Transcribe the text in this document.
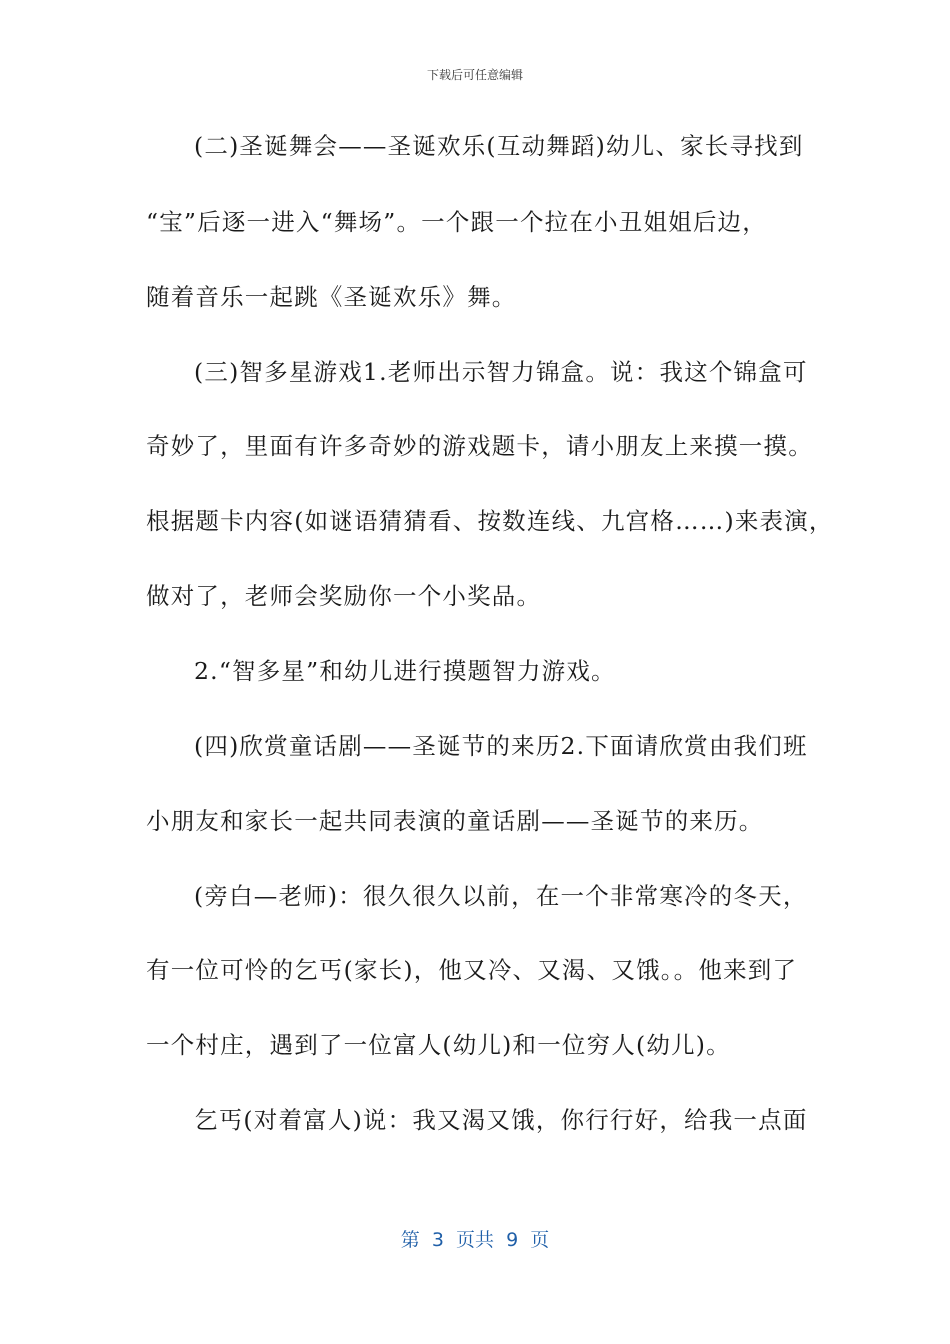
下载后可任意编辑
(二)圣诞舞会——圣诞欢乐(互动舞蹈)幼儿、家长寻找到
“宝”后逐一进入“舞场”。一个跟一个拉在小丑姐姐后边，
随着音乐一起跳《圣诞欢乐》舞。
(三)智多星游戏1.老师出示智力锦盒。说：我这个锦盒可
奇妙了，里面有许多奇妙的游戏题卡，请小朋友上来摸一摸。
根据题卡内容(如谜语猜猜看、按数连线、九宫格……)来表演，
做对了，老师会奖励你一个小奖品。
2.“智多星”和幼儿进行摸题智力游戏。
(四)欣赏童话剧——圣诞节的来历2.下面请欣赏由我们班
小朋友和家长一起共同表演的童话剧——圣诞节的来历。
(旁白—老师)：很久很久以前，在一个非常寒冷的冬天，
有一位可怜的乞丐(家长)，他又冷、又渴、又饿。。他来到了
一个村庄，遇到了一位富人(幼儿)和一位穷人(幼儿)。
乞丐(对着富人)说：我又渴又饿，你行行好，给我一点面
第  3  页共  9  页
